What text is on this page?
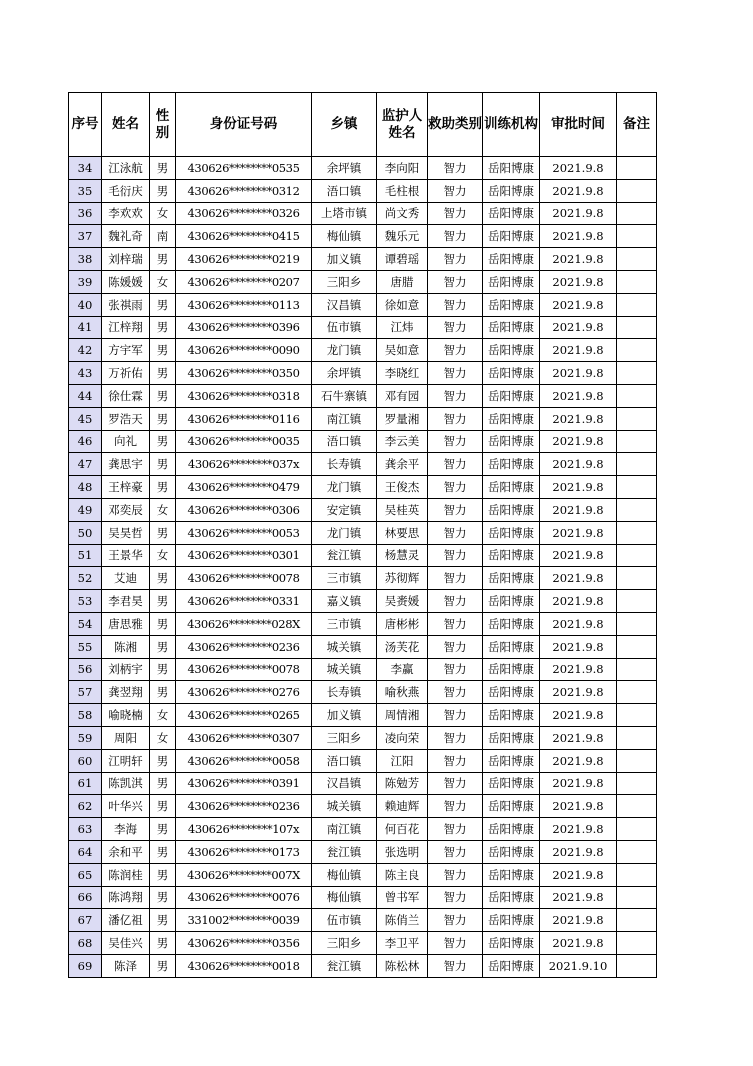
序号	姓名	性别	身份证号码	乡镇	监护人姓名	救助类别	训练机构	审批时间	备注
34	江泳航	男	430626********0535	余坪镇	李向阳	智力	岳阳博康	2021.9.8	
35	毛衍庆	男	430626********0312	浯口镇	毛柱根	智力	岳阳博康	2021.9.8	
36	李欢欢	女	430626********0326	上塔市镇	尚文秀	智力	岳阳博康	2021.9.8	
37	魏礼奇	南	430626********0415	梅仙镇	魏乐元	智力	岳阳博康	2021.9.8	
38	刘梓瑞	男	430626********0219	加义镇	谭碧瑶	智力	岳阳博康	2021.9.8	
39	陈媛媛	女	430626********0207	三阳乡	唐腊	智力	岳阳博康	2021.9.8	
40	张祺雨	男	430626********0113	汉昌镇	徐如意	智力	岳阳博康	2021.9.8	
41	江梓翔	男	430626********0396	伍市镇	江炜	智力	岳阳博康	2021.9.8	
42	方宇军	男	430626********0090	龙门镇	吴如意	智力	岳阳博康	2021.9.8	
43	万祈佑	男	430626********0350	余坪镇	李晓红	智力	岳阳博康	2021.9.8	
44	徐仕霖	男	430626********0318	石牛寨镇	邓有园	智力	岳阳博康	2021.9.8	
45	罗浩天	男	430626********0116	南江镇	罗量湘	智力	岳阳博康	2021.9.8	
46	向礼	男	430626********0035	浯口镇	李云美	智力	岳阳博康	2021.9.8	
47	龚思宇	男	430626********037x	长寿镇	龚余平	智力	岳阳博康	2021.9.8	
48	王梓豪	男	430626********0479	龙门镇	王俊杰	智力	岳阳博康	2021.9.8	
49	邓奕辰	女	430626********0306	安定镇	吴桂英	智力	岳阳博康	2021.9.8	
50	吴昊哲	男	430626********0053	龙门镇	林要思	智力	岳阳博康	2021.9.8	
51	王景华	女	430626********0301	瓮江镇	杨慧灵	智力	岳阳博康	2021.9.8	
52	艾迪	男	430626********0078	三市镇	苏彻辉	智力	岳阳博康	2021.9.8	
53	李君昊	男	430626********0331	嘉义镇	吴赉媛	智力	岳阳博康	2021.9.8	
54	唐思雅	男	430626********028X	三市镇	唐彬彬	智力	岳阳博康	2021.9.8	
55	陈湘	男	430626********0236	城关镇	汤芙花	智力	岳阳博康	2021.9.8	
56	刘柄宇	男	430626********0078	城关镇	李赢	智力	岳阳博康	2021.9.8	
57	龚翌翔	男	430626********0276	长寿镇	喻秋燕	智力	岳阳博康	2021.9.8	
58	喻晓楠	女	430626********0265	加义镇	周情湘	智力	岳阳博康	2021.9.8	
59	周阳	女	430626********0307	三阳乡	凌向荣	智力	岳阳博康	2021.9.8	
60	江明轩	男	430626********0058	浯口镇	江阳	智力	岳阳博康	2021.9.8	
61	陈凯淇	男	430626********0391	汉昌镇	陈勉芳	智力	岳阳博康	2021.9.8	
62	叶华兴	男	430626********0236	城关镇	赖迪辉	智力	岳阳博康	2021.9.8	
63	李海	男	430626********107x	南江镇	何百花	智力	岳阳博康	2021.9.8	
64	余和平	男	430626********0173	瓮江镇	张选明	智力	岳阳博康	2021.9.8	
65	陈润桂	男	430626********007X	梅仙镇	陈主良	智力	岳阳博康	2021.9.8	
66	陈鸿翔	男	430626********0076	梅仙镇	曾书军	智力	岳阳博康	2021.9.8	
67	潘亿祖	男	331002********0039	伍市镇	陈俏兰	智力	岳阳博康	2021.9.8	
68	吴佳兴	男	430626********0356	三阳乡	李卫平	智力	岳阳博康	2021.9.8	
69	陈泽	男	430626********0018	瓮江镇	陈松林	智力	岳阳博康	2021.9.10	
